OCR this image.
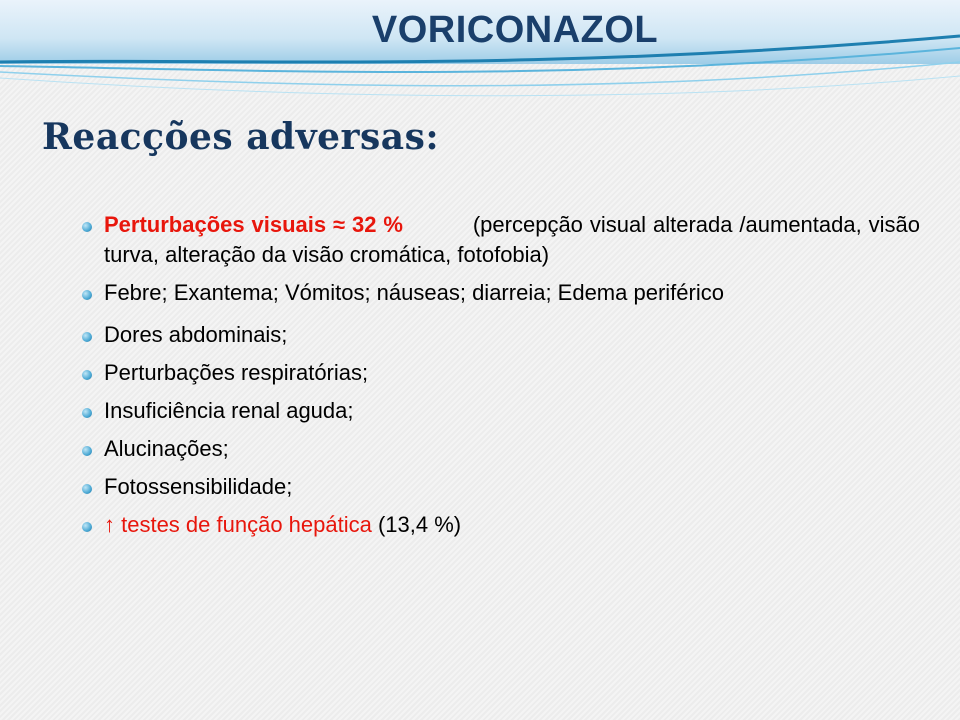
VORICONAZOL
Reacções adversas:
Perturbações visuais ≈ 32 %	(percepção visual alterada /aumentada, visão turva, alteração da visão cromática, fotofobia)
Febre; Exantema; Vómitos; náuseas; diarreia; Edema periférico
Dores abdominais;
Perturbações respiratórias;
Insuficiência renal aguda;
Alucinações;
Fotossensibilidade;
↑ testes de função hepática (13,4 %)
